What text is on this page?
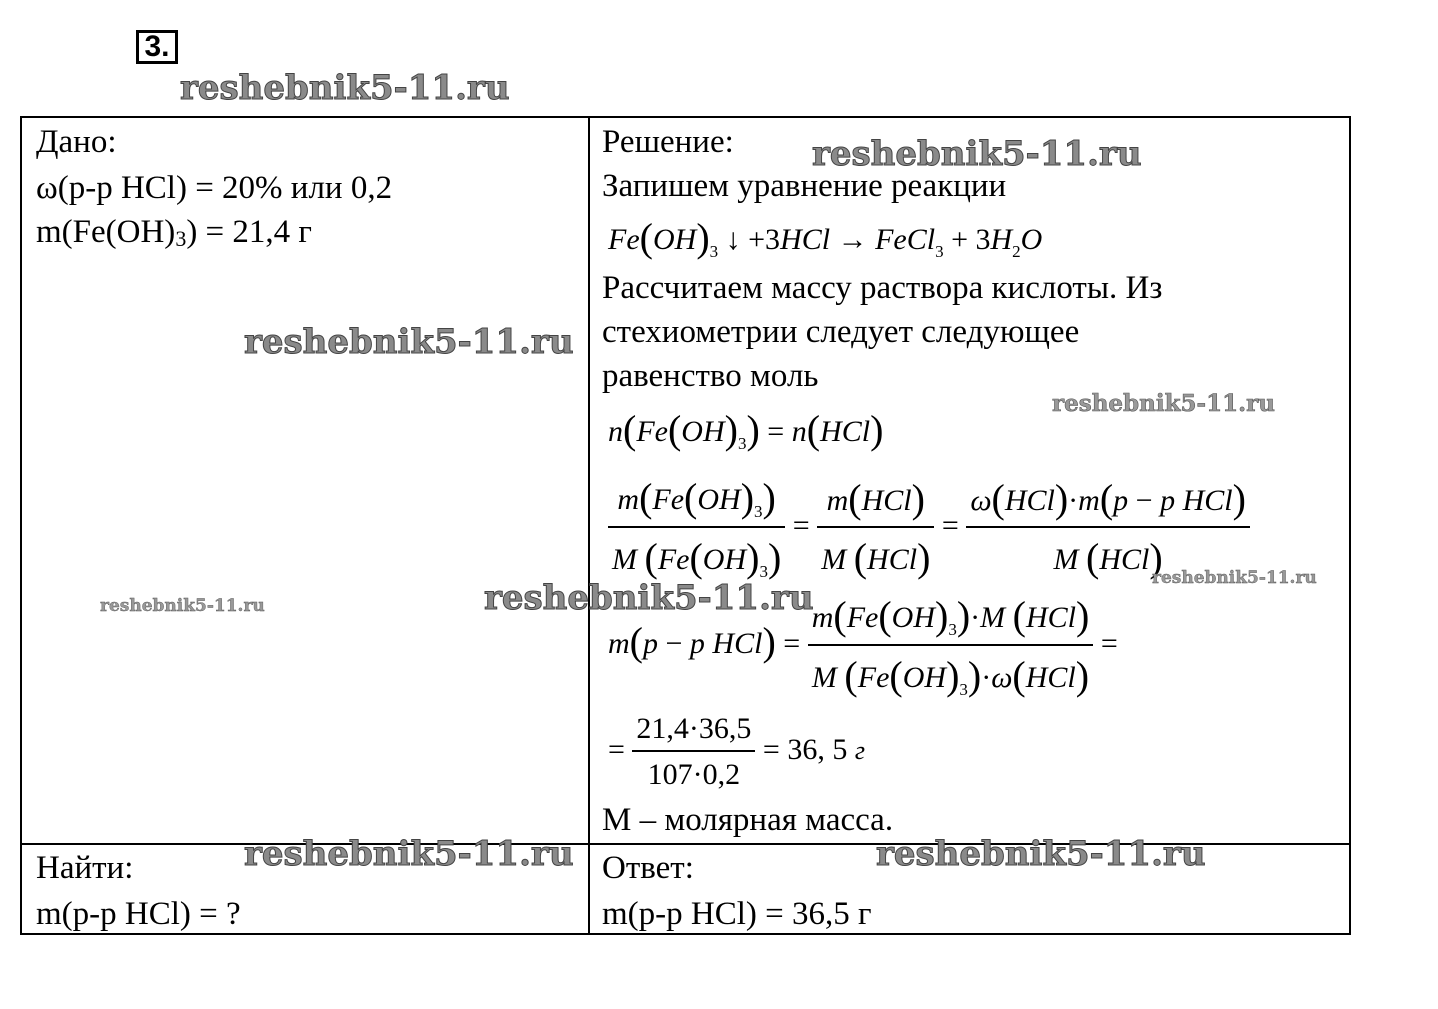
3.
Дано:
ω(р-р HCl) = 20% или 0,2
m(Fe(OH)3) = 21,4 г
Найти:
m(р-р HCl) = ?
Решение:
Запишем уравнение реакции
$Fe(OH)_3$ ↓ +3HCl → FeCl$_3$ + $3H_2O$
Рассчитаем массу раствора кислоты. Из
стехиометрии следует следующее
равенство моль
$n(Fe(OH)_3) = n(HCl)$
$\frac{m(Fe(OH)_3)}{M (Fe(OH)_3)} = \frac{\text{m(HCl)}}{\text{M (HCl)}} = \frac{\text{ω(HCl)·m(p − p HCl)}}{\text{M (HCl)}}$
m(p − p $HCl) = \frac{m(Fe(OH)_3)\cdot M (HCl)}{M (Fe(OH)_3)\cdot\omega(HCl)}$ =
= $\frac{21,4\cdot 36,5}{107\cdot 0,2} = 36$, 5 г
M – молярная масса.
Ответ:
m(р-р HCl) = 36,5 г
reshebnik5-11.ru
reshebnik5-11.ru
reshebnik5-11.ru
reshebnik5-11.ru
reshebnik5-11.ru
reshebnik5-11.ru	reshebnik5-11.ru
reshebnik5-11.ru	reshebnik5-11.ru
